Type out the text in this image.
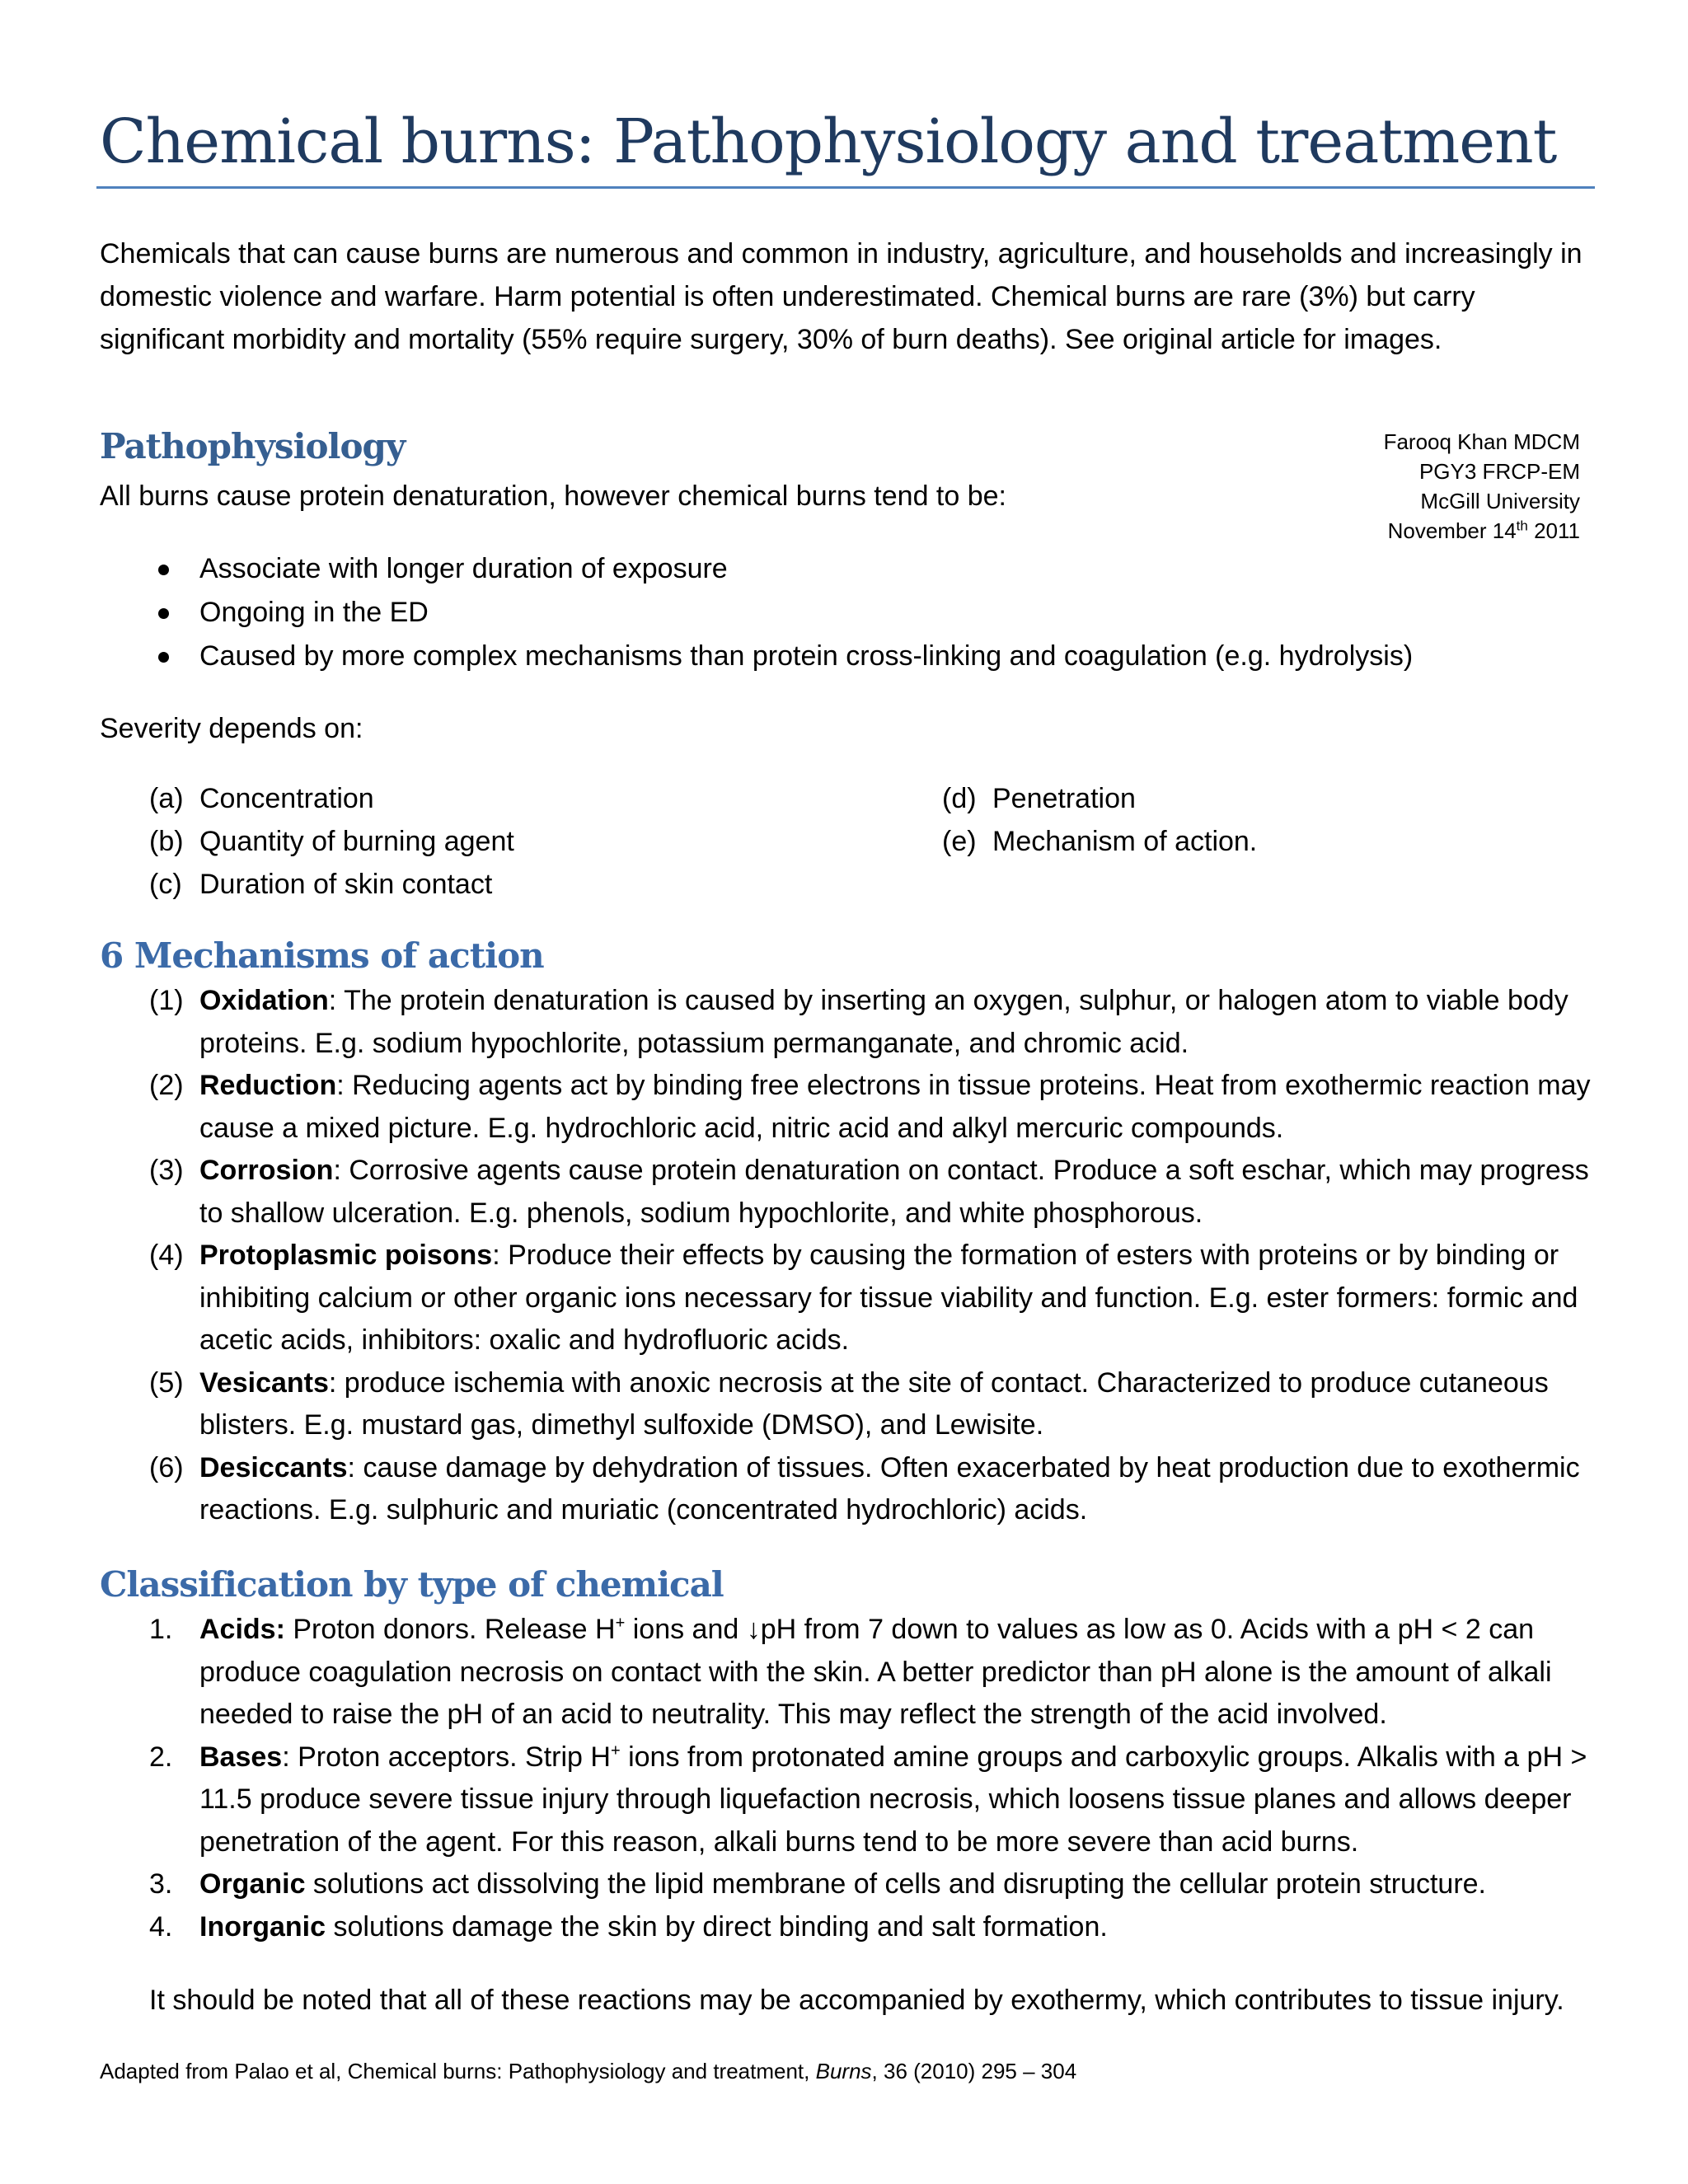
Chemical burns: Pathophysiology and treatment

Chemicals that can cause burns are numerous and common in industry, agriculture, and households and increasingly in domestic violence and warfare. Harm potential is often underestimated. Chemical burns are rare (3%) but carry significant morbidity and mortality (55% require surgery, 30% of burn deaths). See original article for images.

Pathophysiology	Farooq Khan MDCM
PGY3 FRCP-EM
McGill University
November 14th 2011

All burns cause protein denaturation, however chemical burns tend to be:

Associate with longer duration of exposure
Ongoing in the ED
Caused by more complex mechanisms than protein cross-linking and coagulation (e.g. hydrolysis)

Severity depends on:

(a) Concentration
(b) Quantity of burning agent
(c) Duration of skin contact
(d) Penetration
(e) Mechanism of action.
6 Mechanisms of action
(1) Oxidation: The protein denaturation is caused by inserting an oxygen, sulphur, or halogen atom to viable body proteins. E.g. sodium hypochlorite, potassium permanganate, and chromic acid.
(2) Reduction: Reducing agents act by binding free electrons in tissue proteins. Heat from exothermic reaction may cause a mixed picture. E.g. hydrochloric acid, nitric acid and alkyl mercuric compounds.
(3) Corrosion: Corrosive agents cause protein denaturation on contact. Produce a soft eschar, which may progress to shallow ulceration. E.g. phenols, sodium hypochlorite, and white phosphorous.
(4) Protoplasmic poisons: Produce their effects by causing the formation of esters with proteins or by binding or inhibiting calcium or other organic ions necessary for tissue viability and function. E.g. ester formers: formic and acetic acids, inhibitors: oxalic and hydrofluoric acids.
(5) Vesicants: produce ischemia with anoxic necrosis at the site of contact. Characterized to produce cutaneous blisters. E.g. mustard gas, dimethyl sulfoxide (DMSO), and Lewisite.
(6) Desiccants: cause damage by dehydration of tissues. Often exacerbated by heat production due to exothermic reactions. E.g. sulphuric and muriatic (concentrated hydrochloric) acids.
Classification by type of chemical
1. Acids: Proton donors. Release H+ ions and ↓pH from 7 down to values as low as 0. Acids with a pH < 2 can produce coagulation necrosis on contact with the skin. A better predictor than pH alone is the amount of alkali needed to raise the pH of an acid to neutrality. This may reflect the strength of the acid involved.
2. Bases: Proton acceptors. Strip H+ ions from protonated amine groups and carboxylic groups. Alkalis with a pH > 11.5 produce severe tissue injury through liquefaction necrosis, which loosens tissue planes and allows deeper penetration of the agent. For this reason, alkali burns tend to be more severe than acid burns.
3. Organic solutions act dissolving the lipid membrane of cells and disrupting the cellular protein structure.
4. Inorganic solutions damage the skin by direct binding and salt formation.

It should be noted that all of these reactions may be accompanied by exothermy, which contributes to tissue injury.

Adapted from Palao et al, Chemical burns: Pathophysiology and treatment, Burns, 36 (2010) 295 – 304
